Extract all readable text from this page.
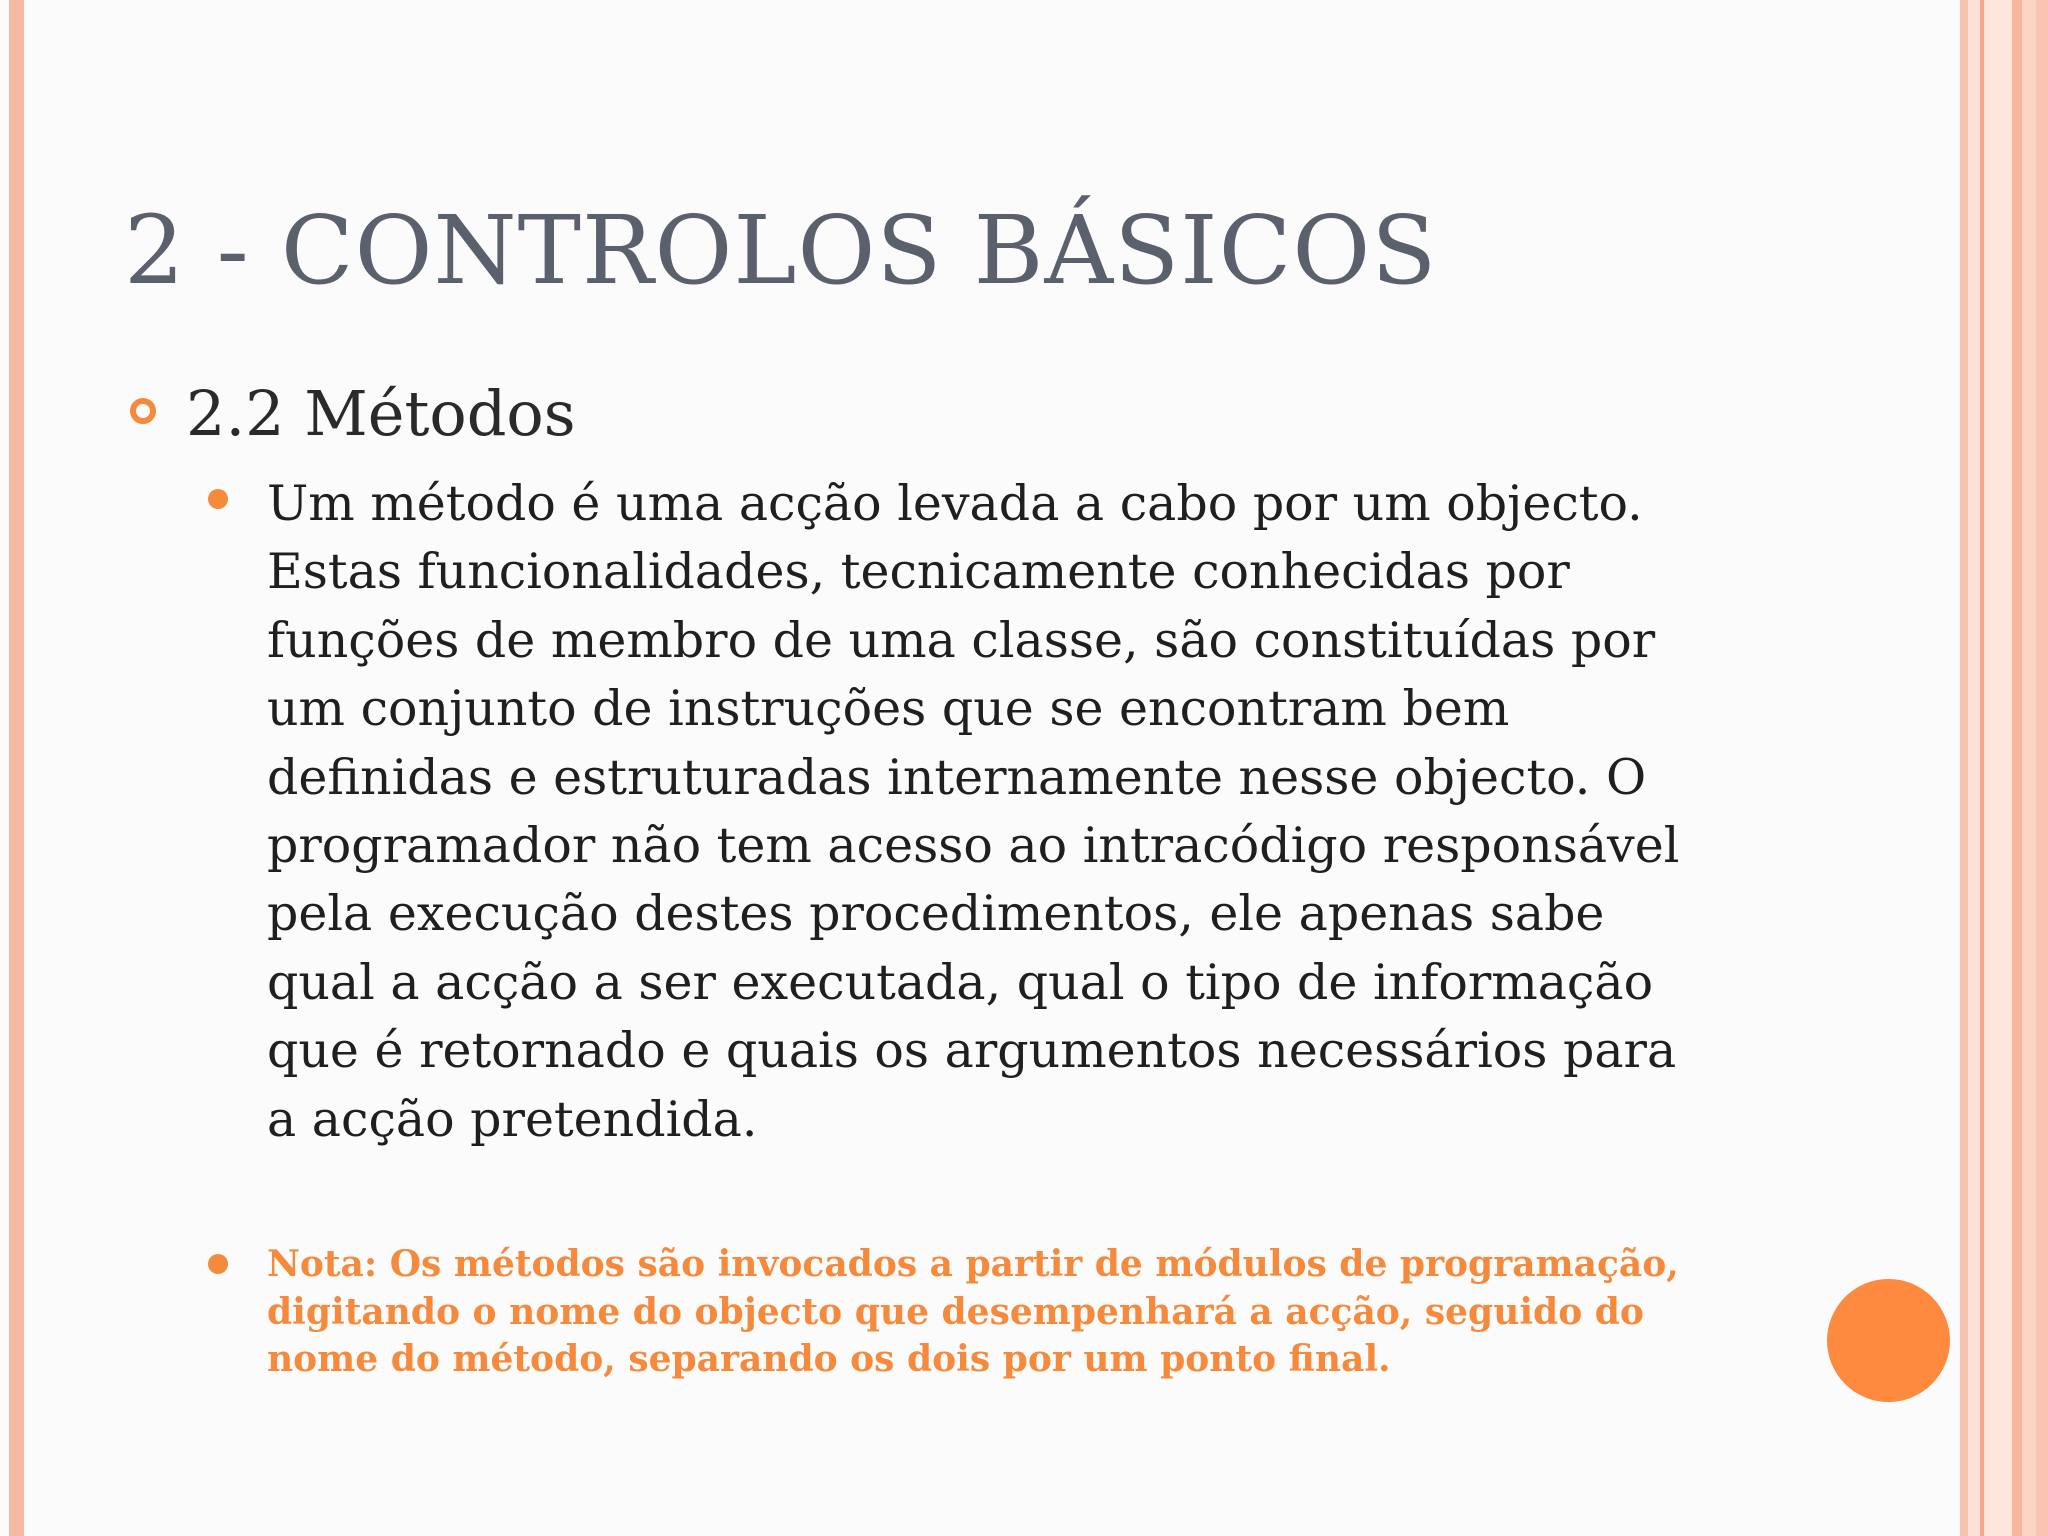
2 - CONTROLOS BÁSICOS
2.2 Métodos

Um método é uma acção levada a cabo por um objecto.
Estas funcionalidades, tecnicamente conhecidas por
funções de membro de uma classe, são constituídas por
um conjunto de instruções que se encontram bem
definidas e estruturadas internamente nesse objecto. O
programador não tem acesso ao intracódigo responsável
pela execução destes procedimentos, ele apenas sabe
qual a acção a ser executada, qual o tipo de informação
que é retornado e quais os argumentos necessários para
a acção pretendida.

Nota: Os métodos são invocados a partir de módulos de programação,
digitando o nome do objecto que desempenhará a acção, seguido do
nome do método, separando os dois por um ponto final.
